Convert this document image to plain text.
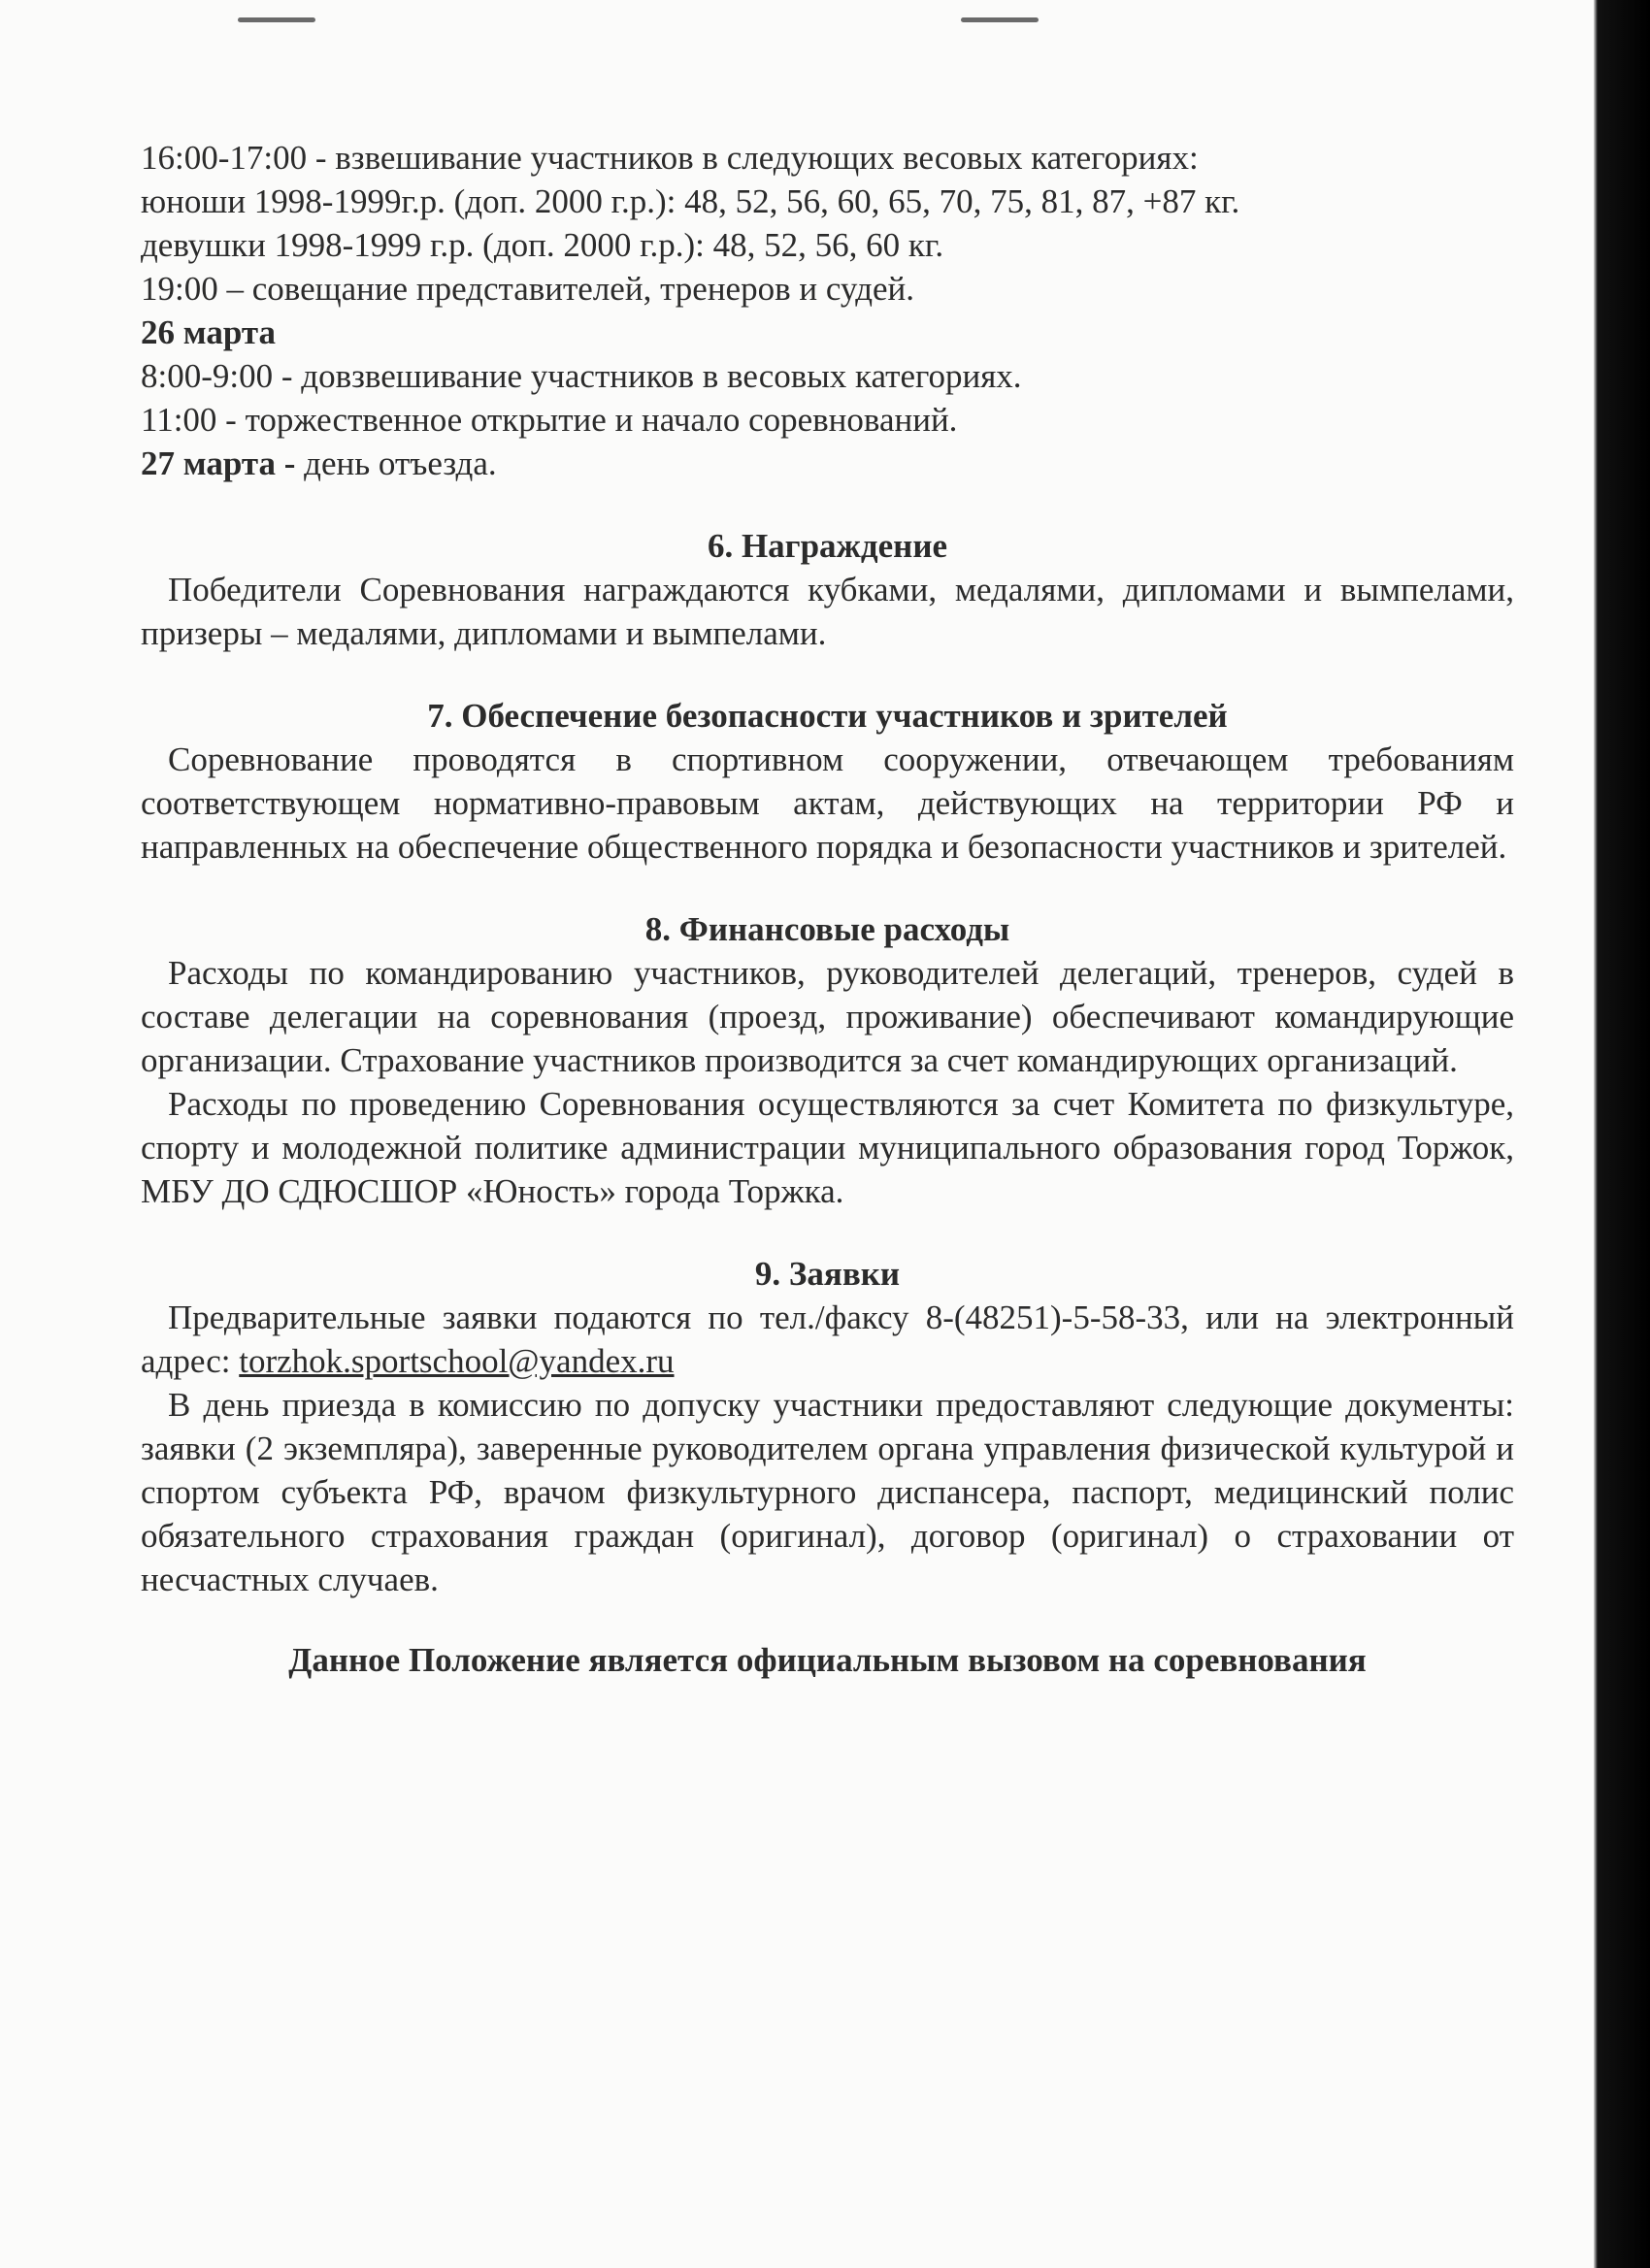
16:00-17:00 - взвешивание участников в следующих весовых категориях:
юноши 1998-1999г.р. (доп. 2000 г.р.): 48, 52, 56, 60, 65, 70, 75, 81, 87, +87 кг.
девушки 1998-1999 г.р. (доп. 2000 г.р.): 48, 52, 56, 60 кг.
19:00 – совещание представителей, тренеров и судей.
26 марта
8:00-9:00 - довзвешивание участников в весовых категориях.
11:00 - торжественное открытие и начало соревнований.
27 марта - день отъезда.
6. Награждение
Победители Соревнования награждаются кубками, медалями, дипломами и вымпелами, призеры – медалями, дипломами и вымпелами.
7. Обеспечение безопасности участников и зрителей
Соревнование проводятся в спортивном сооружении, отвечающем требованиям соответствующем нормативно-правовым актам, действующих на территории РФ и направленных на обеспечение общественного порядка и безопасности участников и зрителей.
8. Финансовые расходы
Расходы по командированию участников, руководителей делегаций, тренеров, судей в составе делегации на соревнования (проезд, проживание) обеспечивают командирующие организации. Страхование участников производится за счет командирующих организаций.
Расходы по проведению Соревнования осуществляются за счет Комитета по физкультуре, спорту и молодежной политике администрации муниципального образования город Торжок, МБУ ДО СДЮСШОР «Юность» города Торжка.
9. Заявки
Предварительные заявки подаются по тел./факсу 8-(48251)-5-58-33, или на электронный адрес: torzhok.sportschool@yandex.ru
В день приезда в комиссию по допуску участники предоставляют следующие документы: заявки (2 экземпляра), заверенные руководителем органа управления физической культурой и спортом субъекта РФ, врачом физкультурного диспансера, паспорт, медицинский полис обязательного страхования граждан (оригинал), договор (оригинал) о страховании от несчастных случаев.
Данное Положение является официальным вызовом на соревнования
